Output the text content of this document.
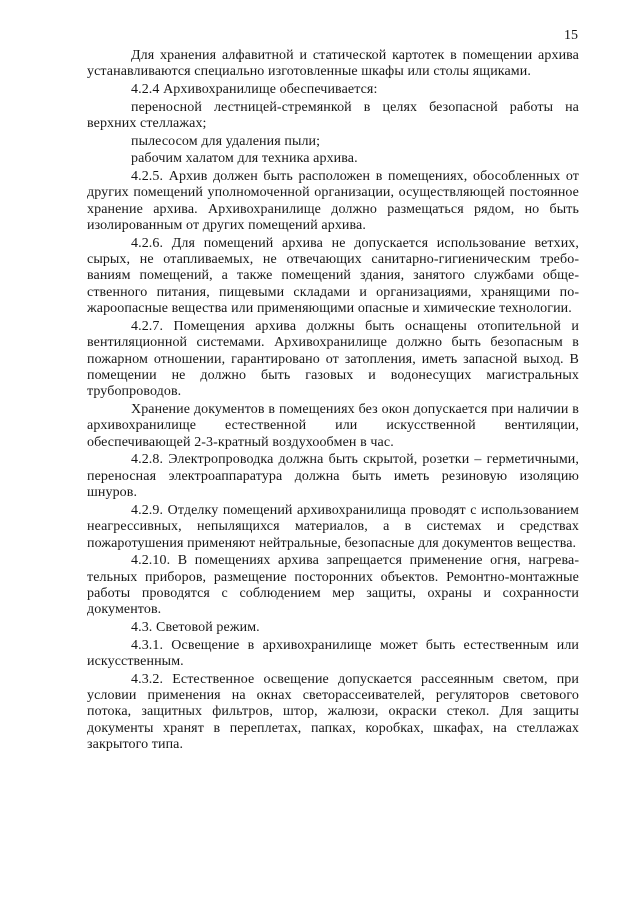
15

Для хранения алфавитной и статической картотек в помещении архива устанавливаются специально изготовленные шкафы или столы ящиками.

4.2.4 Архивохранилище обеспечивается:

переносной лестницей-стремянкой в целях безопасной работы на верхних стеллажах;

пылесосом для удаления пыли;

рабочим халатом для техника архива.

4.2.5. Архив должен быть расположен в помещениях, обособленных от других помещений уполномоченной организации, осуществляющей постоянное хранение архива. Архивохранилище должно размещаться рядом, но быть изолированным от других помещений архива.

4.2.6. Для помещений архива не допускается использование ветхих, сырых, не отапливаемых, не отвечающих санитарно-гигиеническим требованиям помещений, а также помещений здания, занятого службами общественного питания, пищевыми складами и организациями, хранящими пожароопасные вещества или применяющими опасные и химические технологии.

4.2.7. Помещения архива должны быть оснащены отопительной и вентиляционной системами. Архивохранилище должно быть безопасным в пожарном отношении, гарантировано от затопления, иметь запасной выход. В помещении не должно быть газовых и водонесущих магистральных трубопроводов.

Хранение документов в помещениях без окон допускается при наличии в архивохранилище естественной или искусственной вентиляции, обеспечивающей 2-3-кратный воздухообмен в час.

4.2.8. Электропроводка должна быть скрытой, розетки – герметичными, переносная электроаппаратура должна быть иметь резиновую изоляцию шнуров.

4.2.9. Отделку помещений архивохранилища проводят с использованием неагрессивных, непылящихся материалов, а в системах и средствах пожаротушения применяют нейтральные, безопасные для документов вещества.

4.2.10. В помещениях архива запрещается применение огня, нагревательных приборов, размещение посторонних объектов. Ремонтно-монтажные работы проводятся с соблюдением мер защиты, охраны и сохранности документов.

4.3. Световой режим.

4.3.1. Освещение в архивохранилище может быть естественным или искусственным.

4.3.2. Естественное освещение допускается рассеянным светом, при условии применения на окнах светорассеивателей, регуляторов светового потока, защитных фильтров, штор, жалюзи, окраски стекол. Для защиты документы хранят в переплетах, папках, коробках, шкафах, на стеллажах закрытого типа.
